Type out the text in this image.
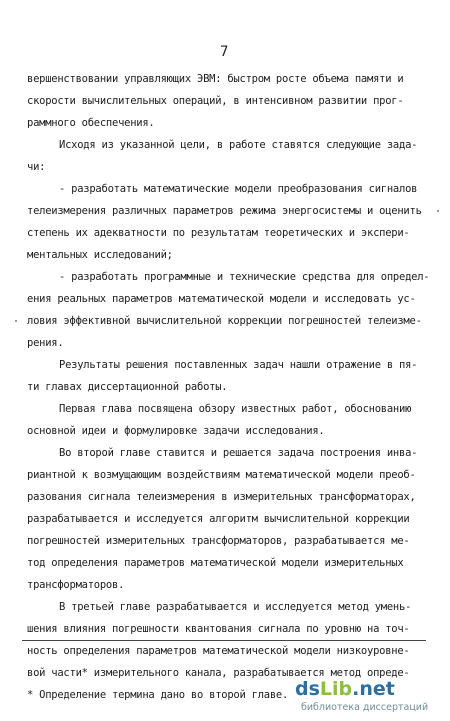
7
вершенствовании управляющих ЭВМ: быстром росте объема памяти и
скорости вычислительных операций, в интенсивном развитии прог-
раммного обеспечения.
Исходя из указанной цели, в работе ставятся следующие зада-
чи:
- разработать математические модели преобразования сигналов
телеизмерения различных параметров режима энергосистемы и оценить
степень их адекватности по результатам теоретических и экспери-
ментальных исследований;
- разработать программные и технические средства для определ-
ения реальных параметров математической модели и исследовать ус-
ловия эффективной вычислительной коррекции погрешностей телеизме-
рения.
Результаты решения поставленных задач нашли отражение в пя-
ти главах диссертационной работы.
Первая глава посвящена обзору известных работ, обоснованию
основной идеи и формулировке задачи исследования.
Во второй главе ставится и решается задача построения инва-
риантной к возмущающим воздействиям математической модели преоб-
разования сигнала телеизмерения в измерительных трансформаторах,
разрабатывается и исследуется алгоритм вычислительной коррекции
погрешностей измерительных трансформаторов, разрабатывается ме-
тод определения параметров математической модели измерительных
трансформаторов.
В третьей главе разрабатывается и исследуется метод умень-
шения влияния погрешности квантования сигнала по уровню на точ-
ность определения параметров математической модели низкоуровне-
вой части* измерительного канала, разрабатывается метод опреде-
* Определение термина дано во второй главе. dsLib.net
библиотека диссертаций
